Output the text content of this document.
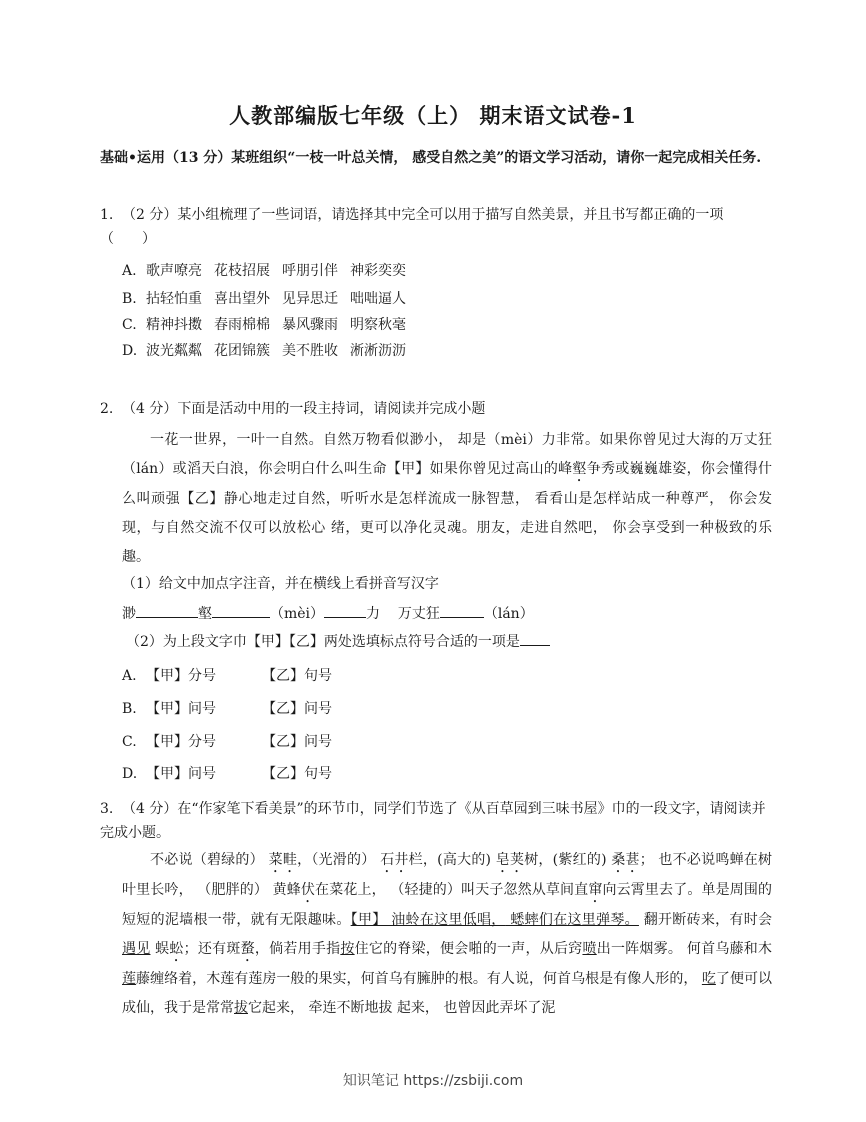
人教部编版七年级（上） 期末语文试卷-1
基础•运用（13 分）某班组织“一枝一叶总关情， 感受自然之美”的语文学习活动，请你一起完成相关任务.
1. （2 分）某小组梳理了一些词语，请选择其中完全可以用于描写自然美景，并且书写都正确的一项（　　）
A. 歌声嘹亮 花枝招展 呼朋引伴 神彩奕奕
B. 拈轻怕重 喜出望外 见异思迁 咄咄逼人
C. 精神抖擞 春雨棉棉 暴风骤雨 明察秋毫
D. 波光粼粼 花团锦簇 美不胜收 淅淅沥沥
2. （4 分）下面是活动中用的一段主持词，请阅读并完成小题
一花一世界，一叶一自然。自然万物看似渺小， 却是（mèi）力非常。如果你曾见过大海的万丈狂 （lán）或滔天白浪，你会明白什么叫生命【甲】如果你曾见过高山的峰壑争秀或巍巍雄姿，你会懂得什么叫顽强【乙】静心地走过自然，听听水是怎样流成一脉智慧， 看看山是怎样站成一种尊严， 你会发现，与自然交流不仅可以放松心 绪，更可以净化灵魂。朋友，走进自然吧， 你会享受到一种极致的乐趣。
（1）给文中加点字注音，并在横线上看拼音写汉字
渺	壑	（mèi）	力 万丈狂	（lán）
（2）为上段文字巾【甲】【乙】两处选填标点符号合适的一项是
A. 【甲】分号	【乙】句号
B. 【甲】问号	【乙】问号
C. 【甲】分号	【乙】问号
D. 【甲】问号	【乙】句号
3. （4 分）在“作家笔下看美景”的环节巾，同学们节选了《从百草园到三味书屋》巾的一段文字，请阅读并完成小题。
不必说（碧绿的） 菜畦，（光滑的） 石井栏，(高大的) 皂荚树，(紫红的) 桑葚； 也不必说鸣蝉在树叶里长吟， （肥胖的） 黄蜂伏在菜花上， （轻捷的）叫天子忽然从草间直窜向云霄里去了。单是周围的短短的泥墙根一带，就有无限趣味。【甲】 油蛉在这里低唱， 蟋蟀们在这里弹琴。 翻开断砖来，有时会 遇见 蜈蚣；还有斑蝥，倘若用手指按住它的脊梁，便会啪的一声，从后窍喷出一阵烟雾。 何首乌藤和木莲藤缠络着，木莲有莲房一般的果实，何首乌有臃肿的根。有人说，何首乌根是有像人形的， 吃了便可以成仙，我于是常常拔它起来， 牵连不断地拔 起来， 也曾因此弄坏了泥
知识笔记 https://zsbiji.com
